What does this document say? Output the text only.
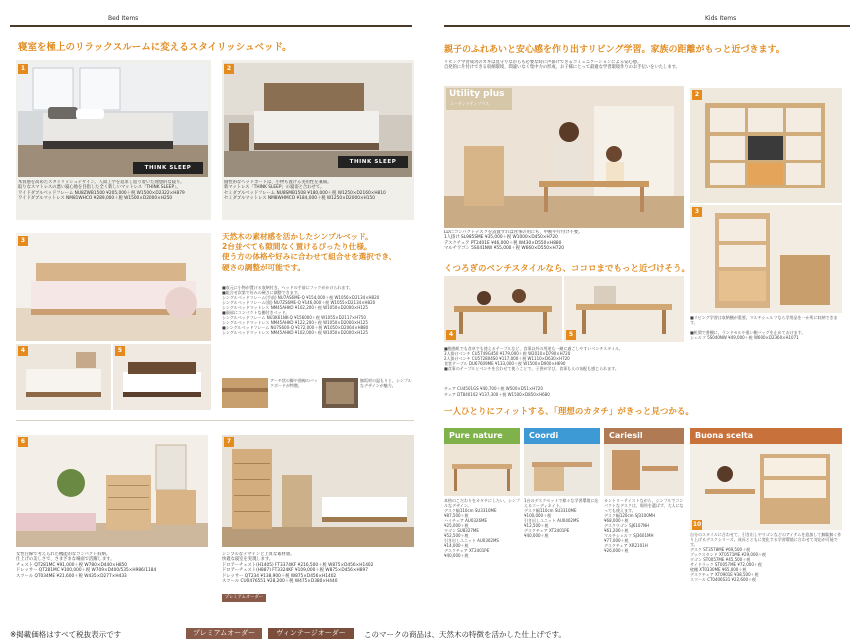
Bed Items	Kids Items
寝室を極上のリラックスルームに変えるスタイリッシュベッド。
THINK SLEEP
1
木質感を高めたスタイリッシュデザイン。人間工学を追求し辿り着いた理想的な寝り。
取りなスマトレスの悪い寝心地を目指した全く新しいマットレス「THINK SLEEP」。
ワイドダブルベッドフレーム NU8ZWB1500 ¥205,000＋税 W1500×D2322×H879
ワイドダブルマットレス NM81WHCO ¥289,000＋税 W1500×D2000×H250
THINK SLEEP
2
個性的なヘッドボードは、小物も置ける実用性を兼備。
新マットレス「THINK SLEEP」の寝姿と合わせて。
セミダブルベッドフレーム NU8SMB1508 ¥180,000＋税 W1250×D2160×H810
セミダブルマットレス NM8WHMCO ¥184,000＋税 W1250×D2000×H150
3	天然木の素材感を活かしたシンプルベッド。
2台並べても隙間なく置けるぴったり仕様。
使う方の体格や好みに合わせて組合せを選択でき、
硬さの調整が可能です。
■収元に小物が置ける収納付き。ヘッドの手前にフックがかけられます。
■組合せ次第で好みの硬さに調整できます。
シングルベッドフレーム(手前) NU7AS6ME-Q ¥154,000＋税 W1056×D2134×H820
シングルベッドフレーム(奥) NU7ZS6ME-Q ¥146,000＋税 W1055×D2134×H820
シングルベッドマットレス NM45AHKO ¥102,200＋税 W1050×D2000×H125
■頭部にコンパクトな棚付きベッド。
シングルベッドフレーム NU3K61NK-Q ¥156000＋税 W1055×D2117×H750
シングルベッドマットレス NM45AHKO ¥122,200＋税 W1050×D2000×H125
■シングルベッドフレーム NU7S600-Q ¥172,000＋税 W1050×D2064×H880
シングルベッドマットレス NM45AHKO ¥102,000＋税 W1050×D2000×H125
4	5
アーチ状の脚や曲線のバックボードが特徴。
無垢材の温もりと、シンプルなデザインが魅力。
6
女性目線で考えられた機能的なコンパクト収納。
仕上げの美しさで、さまざまな場面で活躍します。
チェスト QT281MC ¥91,000＋税 W780×D440×H850
ドレッサー QT281MC ¥100,000＋税 W709×D400/535×H986/1184
スツール QT034ME ¥21,600＋税 W435×D277×H433
7
シンプルなデザインと上質な素材感。
快適な寝室を実現します。
ドロアーチェスト(H1405) FT3374KF ¥216,500＋税 W875×D456×H1402
ドロアーチェスト(H887) FT3324KF ¥109,000＋税 W875×D456×H897
ドレッサー QT234 ¥138,900＋税 W875×D456×H1402
スツール CU0476551 ¥28,200＋税 W475×D380×H440
プレミアムオーダー
親子のふれあいと安心感を作り出すリビング学習。家族の距離がもっと近づきます。
リビング学習成功のカギは見守りながらも必要な時に声掛けできるコミュニケーションによる安心感。
自発的に片付けできる収納環境、間違いなく集中力の形成、お子様にとって最適な学習環境作りのお手伝いをいたします。
Utility plus
ユーティリティプラス
LDにコンパクトデスクを設置すれば食事の用にも、中断や片付け不要。
1人掛け SL985SME ¥35,000＋税 W1000×D450×H720
デスクチェア PT2401E ¥46,000＋税 W430×D550×H880
マルチワゴン 5S041NW ¥55,000＋税 W660×D550×H720
2
3
■リビング学習は収納棚が重要。マルチシェルフなら学用品を一か所に収納できます。
■机間で書棚に、ランドセルや重い鞄バッグを止めておけます。
シェルフ 5S040NW ¥49,000＋税 W600×D2360×H1071
くつろぎのベンチスタイルなら、ココロまでもっと近づけそう。
4	5
■勉強机でも食卓でも使えるテーブルなど、食事以外の用途も一緒に過ごしやすいベンチスタイル。
3人掛けベンチ CU5749G450 ¥179,000＋税 W2010×D790×H720
2人掛けベンチ CU572804S0 ¥117,000＋税 W1110×D630×H720
食堂テーブル DU67609ME ¥133,000＋税 W1500×D900×H690
■食事のテーブルとベンチを合わせて使うことで、子供が学び、食事も人の気配も感じられます。
チェア CU4501GS ¥40,700＋税 W500×D51×H720
チェア DT840102 ¥137,300＋税 W1500×D850×H680
一人ひとりにフィットする、「理想のカタチ」がきっと見つかる。
Pure nature
本格のこだわりをカタチにしたい、シンプルなデザイン。
デスク幅110cm SU3310ME
¥87,500＋税
ハイチェア AU0326ME
¥25,000＋税
ワゴン SU8327ME
¥52,500＋税
引き出しユニット AU0302MS
¥14,000＋税
デスクチェア XT2401PE
¥40,000＋税
Coordi
1台のデスクセットで様々な学習環境に応えるコーディネイト。
デスク幅110cm SU3310ME
¥100,000＋税
引き出しユニット AU0402MS
¥12,500＋税
デスクチェア XT2401PE
¥40,000＋税
Cariesil
カントリーテイストながら、シンプルでコンパクトなデスクは、場所を選ばず、大人になっても使えます。
デスク幅120cm SJ3100MH
¥68,000＋税
デスクワゴン SJ6107NH
¥61,200＋税
マルチシェルフ SJ3601MH
¥77,000＋税
デスクチェア XR2101H
¥26,000＋税
Buona scelta
10
自分のスタイルに合わせて、引き出しやワゴンなどのアイテムを追加して無駄無く作り上げるデスクシリーズ。成長とともに変化する学習環境に合わせて対応が可能です。
デスク ST3578ME ¥69,500＋税
ブックスタンド XT0571ME ¥29,000＋税
ワゴン ST0057ME ¥45,500＋税
サイドラック ST0057ME ¥72,000＋税
壁棚 XT0330ME ¥65,000＋税
デスクチェア XT0901E ¥38,500＋税
スツール CT0406S31 ¥22,600＋税
※掲載価格はすべて税抜表示です	プレミアムオーダー	ヴィンテージオーダー	このマークの商品は、天然木の特徴を活かした仕上げです。
